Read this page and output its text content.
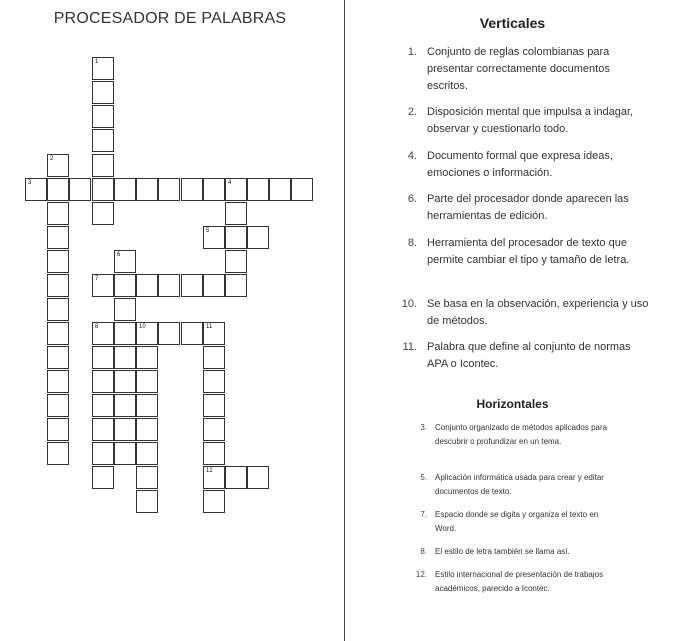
PROCESADOR DE PALABRAS
1
2
3	4
5
6
7
8	10	11
12
Verticales
1. Conjunto de reglas colombianas para presentar correctamente documentos escritos.
2. Disposición mental que impulsa a indagar, observar y cuestionarlo todo.
4. Documento formal que expresa ideas, emociones o información.
6. Parte del procesador donde aparecen las herramientas de edición.
8. Herramienta del procesador de texto que permite cambiar el tipo y tamaño de letra.
10. Se basa en la observación, experiencia y uso de métodos.
11. Palabra que define al conjunto de normas APA o Icontec.
Horizontales
3. Conjunto organizado de métodos aplicados para descubrir o profundizar en un tema.
5. Aplicación informática usada para crear y editar documentos de texto.
7. Espacio donde se digita y organiza el texto en Word.
8. El estilo de letra también se llama así.
12. Estilo internacional de presentación de trabajos académicos, parecido a Icontec.
